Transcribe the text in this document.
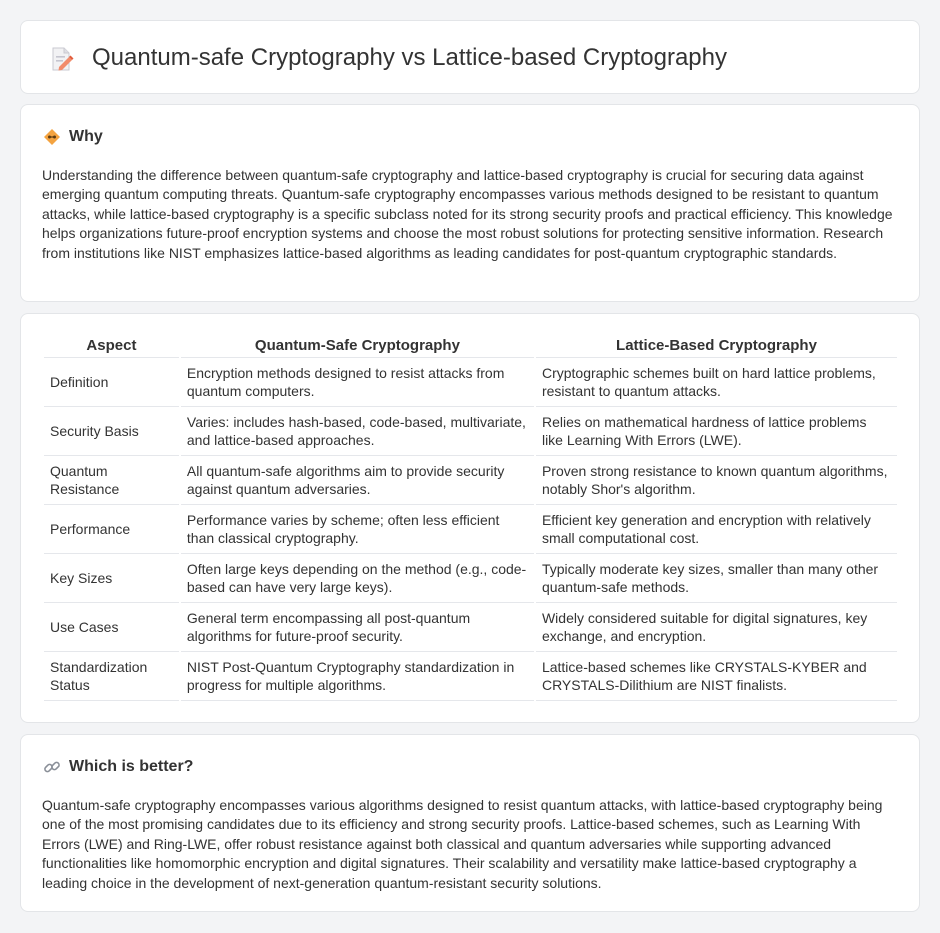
Quantum-safe Cryptography vs Lattice-based Cryptography
Why

Understanding the difference between quantum-safe cryptography and lattice-based cryptography is crucial for securing data against emerging quantum computing threats. Quantum-safe cryptography encompasses various methods designed to be resistant to quantum attacks, while lattice-based cryptography is a specific subclass noted for its strong security proofs and practical efficiency. This knowledge helps organizations future-proof encryption systems and choose the most robust solutions for protecting sensitive information. Research from institutions like NIST emphasizes lattice-based algorithms as leading candidates for post-quantum cryptographic standards.

Aspect	Quantum-Safe Cryptography	Lattice-Based Cryptography
Definition	Encryption methods designed to resist attacks from quantum computers.	Cryptographic schemes built on hard lattice problems, resistant to quantum attacks.
Security Basis	Varies: includes hash-based, code-based, multivariate, and lattice-based approaches.	Relies on mathematical hardness of lattice problems like Learning With Errors (LWE).
Quantum Resistance	All quantum-safe algorithms aim to provide security against quantum adversaries.	Proven strong resistance to known quantum algorithms, notably Shor's algorithm.
Performance	Performance varies by scheme; often less efficient than classical cryptography.	Efficient key generation and encryption with relatively small computational cost.
Key Sizes	Often large keys depending on the method (e.g., code-based can have very large keys).	Typically moderate key sizes, smaller than many other quantum-safe methods.
Use Cases	General term encompassing all post-quantum algorithms for future-proof security.	Widely considered suitable for digital signatures, key exchange, and encryption.
Standardization Status	NIST Post-Quantum Cryptography standardization in progress for multiple algorithms.	Lattice-based schemes like CRYSTALS-KYBER and CRYSTALS-Dilithium are NIST finalists.
Which is better?

Quantum-safe cryptography encompasses various algorithms designed to resist quantum attacks, with lattice-based cryptography being one of the most promising candidates due to its efficiency and strong security proofs. Lattice-based schemes, such as Learning With Errors (LWE) and Ring-LWE, offer robust resistance against both classical and quantum adversaries while supporting advanced functionalities like homomorphic encryption and digital signatures. Their scalability and versatility make lattice-based cryptography a leading choice in the development of next-generation quantum-resistant security solutions.
